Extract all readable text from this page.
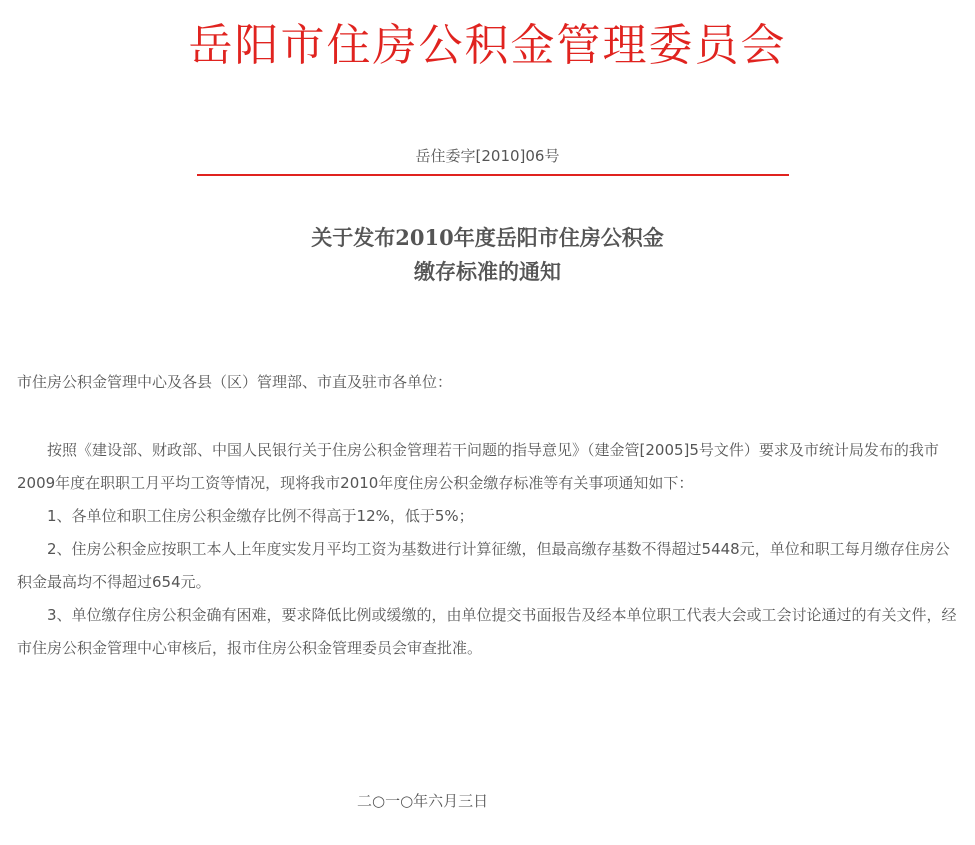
岳阳市住房公积金管理委员会
岳住委字[2010]06号
关于发布2010年度岳阳市住房公积金
缴存标准的通知
市住房公积金管理中心及各县（区）管理部、市直及驻市各单位：

按照《建设部、财政部、中国人民银行关于住房公积金管理若干问题的指导意见》（建金管[2005]5号文件）要求及市统计局发布的我市2009年度在职职工月平均工资等情况，现将我市2010年度住房公积金缴存标准等有关事项通知如下：

1、各单位和职工住房公积金缴存比例不得高于12%，低于5%；

2、住房公积金应按职工本人上年度实发月平均工资为基数进行计算征缴，但最高缴存基数不得超过5448元，单位和职工每月缴存住房公积金最高均不得超过654元。

3、单位缴存住房公积金确有困难，要求降低比例或缓缴的，由单位提交书面报告及经本单位职工代表大会或工会讨论通过的有关文件，经市住房公积金管理中心审核后，报市住房公积金管理委员会审查批准。

二○一○年六月三日
